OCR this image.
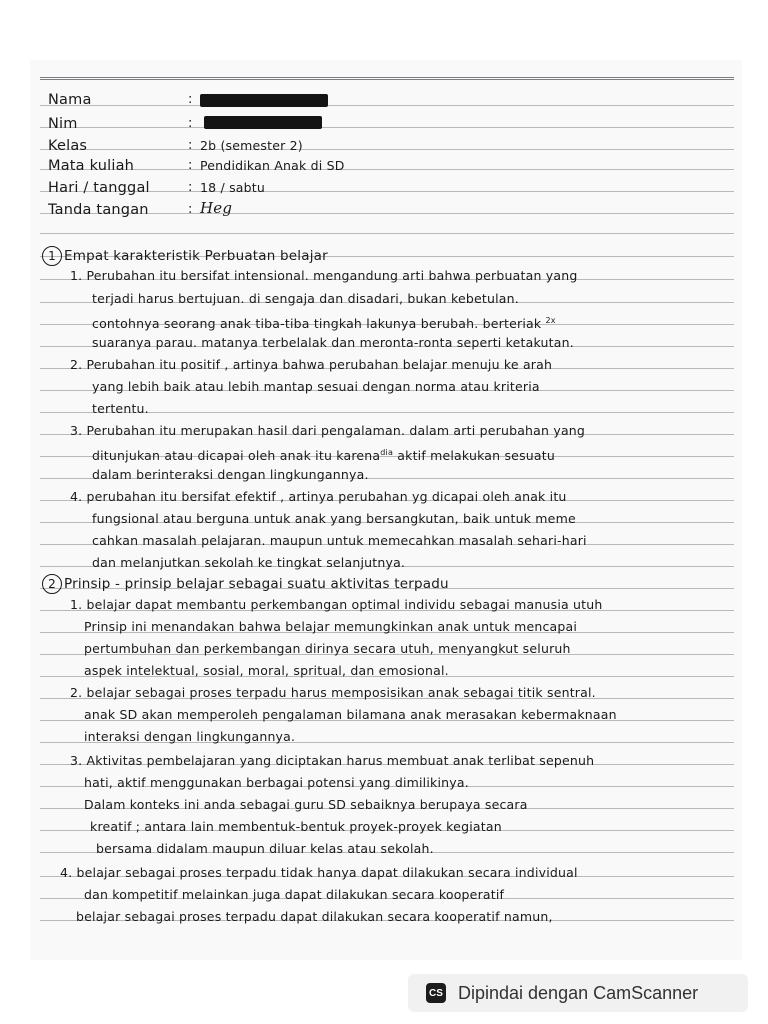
Nama	:
Nim	:
Kelas	: 2b (semester 2)
Mata kuliah	: Pendidikan Anak di SD
Hari / tanggal	: 18 / sabtu
Tanda tangan	: Heg
1 Empat karakteristik Perbuatan belajar
1. Perubahan itu bersifat intensional. mengandung arti bahwa perbuatan yang
terjadi harus bertujuan. di sengaja dan disadari, bukan kebetulan.
contohnya seorang anak tiba-tiba tingkah lakunya berubah. berteriak $^{2x}$
suaranya parau. matanya terbelalak dan meronta-ronta seperti ketakutan.
2. Perubahan itu positif , artinya bahwa perubahan belajar menuju ke arah
yang lebih baik atau lebih mantap sesuai dengan norma atau kriteria
tertentu.
3. Perubahan itu merupakan hasil dari pengalaman. dalam arti perubahan yang
ditunjukan atau dicapai oleh anak itu karena$^{dia}$ aktif melakukan sesuatu
dalam berinteraksi dengan lingkungannya.
4. perubahan itu bersifat efektif , artinya perubahan yg dicapai oleh anak itu
fungsional atau berguna untuk anak yang bersangkutan, baik untuk meme
cahkan masalah pelajaran. maupun untuk memecahkan masalah sehari-hari
dan melanjutkan sekolah ke tingkat selanjutnya.
2 Prinsip - prinsip belajar sebagai suatu aktivitas terpadu
1. belajar dapat membantu perkembangan optimal individu sebagai manusia utuh
Prinsip ini menandakan bahwa belajar memungkinkan anak untuk mencapai
pertumbuhan dan perkembangan dirinya secara utuh, menyangkut seluruh
aspek intelektual, sosial, moral, spritual, dan emosional.
2. belajar sebagai proses terpadu harus memposisikan anak sebagai titik sentral.
anak SD akan memperoleh pengalaman bilamana anak merasakan kebermaknaan
interaksi dengan lingkungannya.
3. Aktivitas pembelajaran yang diciptakan harus membuat anak terlibat sepenuh
hati, aktif menggunakan berbagai potensi yang dimilikinya.
Dalam konteks ini anda sebagai guru SD sebaiknya berupaya secara
kreatif ; antara lain membentuk-bentuk proyek-proyek kegiatan
bersama didalam maupun diluar kelas atau sekolah.
4. belajar sebagai proses terpadu tidak hanya dapat dilakukan secara individual
dan kompetitif melainkan juga dapat dilakukan secara kooperatif
belajar sebagai proses terpadu dapat dilakukan secara kooperatif namun,
CS Dipindai dengan CamScanner
